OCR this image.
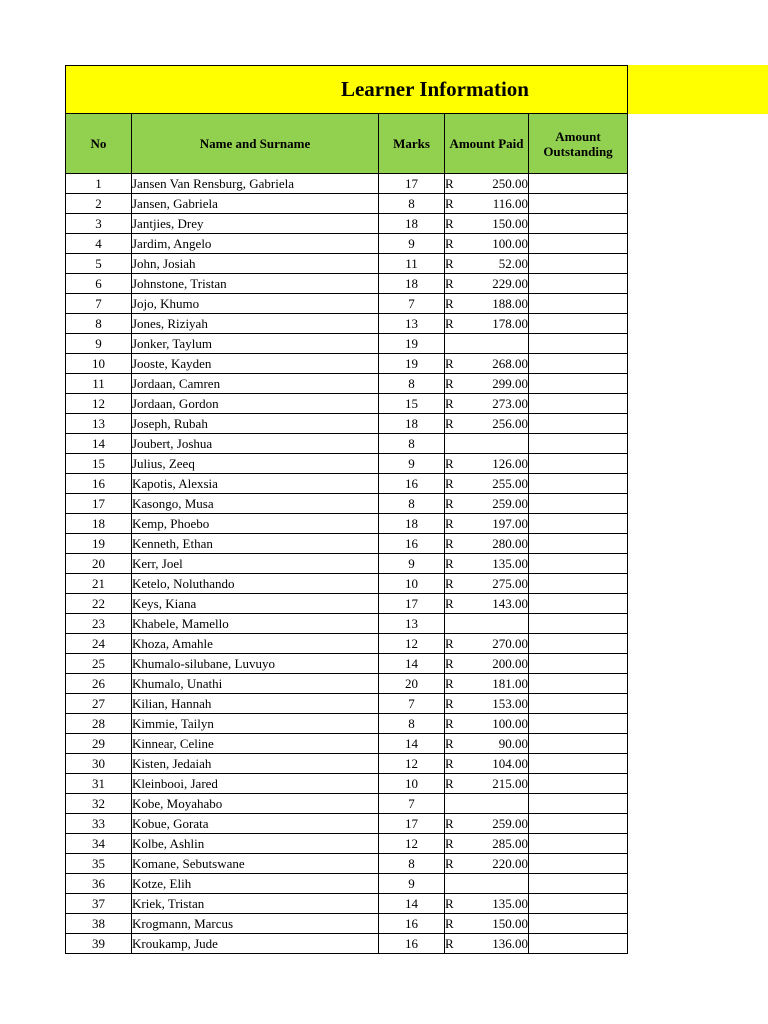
Learner Information
No	Name and Surname	Marks	Amount Paid	Amount Outstanding
1	Jansen Van Rensburg, Gabriela	17	R 250.00	

2	Jansen, Gabriela	8	R 116.00	

3	Jantjies, Drey	18	R 150.00	

4	Jardim, Angelo	9	R 100.00	

5	John, Josiah	11	R 52.00	

6	Johnstone, Tristan	18	R 229.00	

7	Jojo, Khumo	7	R 188.00	

8	Jones, Riziyah	13	R 178.00	

9	Jonker, Taylum	19		
10	Jooste, Kayden	19	R 268.00	

11	Jordaan, Camren	8	R 299.00	

12	Jordaan, Gordon	15	R 273.00	

13	Joseph, Rubah	18	R 256.00	

14	Joubert, Joshua	8		
15	Julius, Zeeq	9	R 126.00	

16	Kapotis, Alexsia	16	R 255.00	

17	Kasongo, Musa	8	R 259.00	

18	Kemp, Phoebo	18	R 197.00	

19	Kenneth, Ethan	16	R 280.00	

20	Kerr, Joel	9	R 135.00	

21	Ketelo, Noluthando	10	R 275.00	

22	Keys, Kiana	17	R 143.00	

23	Khabele, Mamello	13		
24	Khoza, Amahle	12	R 270.00	

25	Khumalo-silubane, Luvuyo	14	R 200.00	

26	Khumalo, Unathi	20	R 181.00	

27	Kilian, Hannah	7	R 153.00	

28	Kimmie, Tailyn	8	R 100.00	

29	Kinnear, Celine	14	R 90.00	

30	Kisten, Jedaiah	12	R 104.00	

31	Kleinbooi, Jared	10	R 215.00	

32	Kobe, Moyahabo	7		
33	Kobue, Gorata	17	R 259.00	

34	Kolbe, Ashlin	12	R 285.00	

35	Komane, Sebutswane	8	R 220.00	

36	Kotze, Elih	9		
37	Kriek, Tristan	14	R 135.00	

38	Krogmann, Marcus	16	R 150.00	

39	Kroukamp, Jude	16	R 136.00	
